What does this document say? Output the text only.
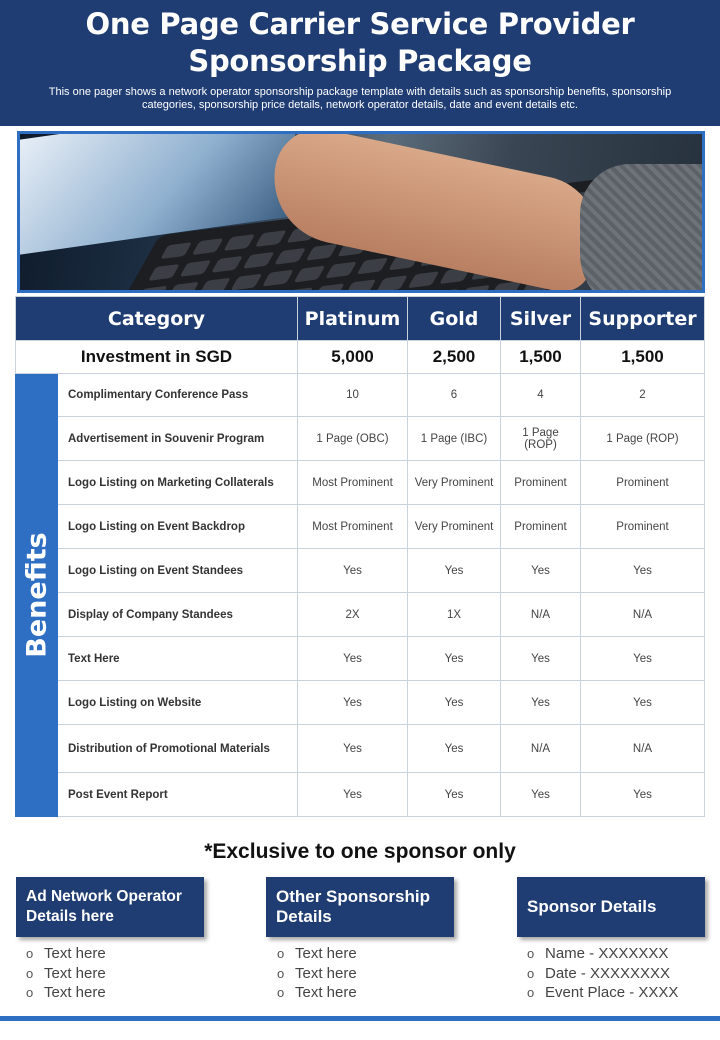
One Page Carrier Service Provider Sponsorship Package

This one pager shows a network operator sponsorship package template with details such as sponsorship benefits, sponsorship categories, sponsorship price details, network operator details, date and event details etc.

Category		Platinum	Gold	Silver	Supporter
Investment in SGD		5,000	2,500	1,500	1,500

Benefits	Complimentary Conference Pass	10	6	4	2
	Advertisement in Souvenir Program	1 Page (OBC)	1 Page (IBC)	1 Page (ROP)	1 Page (ROP)
	Logo Listing on Marketing Collaterals	Most Prominent	Very Prominent	Prominent	Prominent
	Logo Listing on Event Backdrop	Most Prominent	Very Prominent	Prominent	Prominent
	Logo Listing on Event Standees	Yes	Yes	Yes	Yes
	Display of Company Standees	2X	1X	N/A	N/A
	Text Here	Yes	Yes	Yes	Yes
	Logo Listing on Website	Yes	Yes	Yes	Yes
	Distribution of Promotional Materials	Yes	Yes	N/A	N/A
	Post Event Report	Yes	Yes	Yes	Yes
*Exclusive to one sponsor only
Ad Network Operator Details here
Other Sponsorship Details
Sponsor Details
o Text here
o Text here
o Text here
o Text here
o Text here
o Text here
o Name - XXXXXXX
o Date - XXXXXXXX
o Event Place - XXXX
